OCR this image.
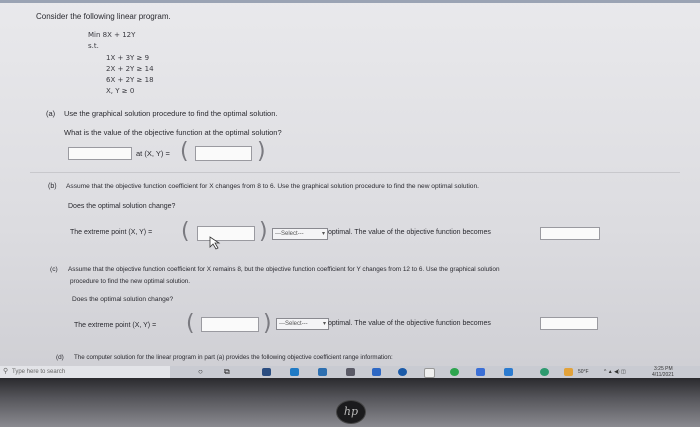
Consider the following linear program.
Min 8X + 12Y
s.t.
1X + 3Y ≥ 9
2X + 2Y ≥ 14
6X + 2Y ≥ 18
X, Y ≥ 0
(a) Use the graphical solution procedure to find the optimal solution.
What is the value of the objective function at the optimal solution?
at (X, Y) = (	)
(b) Assume that the objective function coefficient for X changes from 8 to 6. Use the graphical solution procedure to find the new optimal solution.
Does the optimal solution change?
The extreme point (X, Y) = (	)	---Select---	▾ optimal. The value of the objective function becomes
(c) Assume that the objective function coefficient for X remains 8, but the objective function coefficient for Y changes from 12 to 6. Use the graphical solution
procedure to find the new optimal solution.
Does the optimal solution change?
The extreme point (X, Y) = (	)	---Select---	▾ optimal. The value of the objective function becomes
(d) The computer solution for the linear program in part (a) provides the following objective coefficient range information:
⚲ Type here to search	○	⧉	50°F	^ ▲ ◀) ◫	3:25 PM
4/11/2021
hp
